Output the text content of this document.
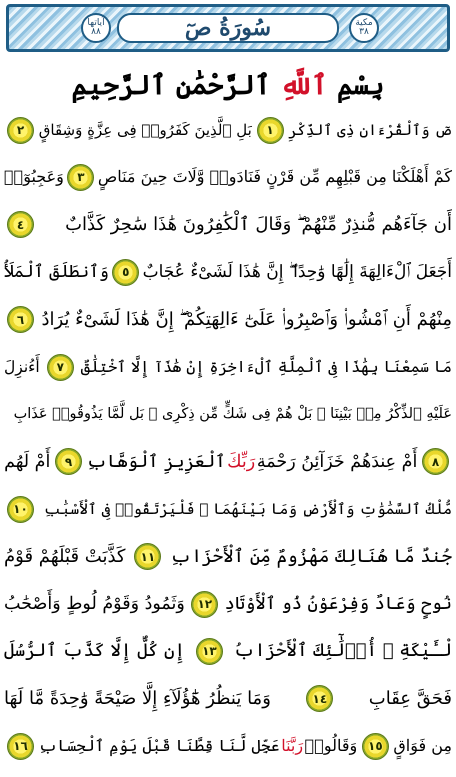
مكية ٣٨
سُورَةُ صٓ
آياتها ٨٨
بِسْمِ ٱللَّهِ ٱلرَّحْمَٰنِ ٱلرَّحِيمِ
صٓ وَٱلْقُرْءَانِ ذِى ٱلذِّكْرِ
١
بَلِ ٱلَّذِينَ كَفَرُوا۟ فِى عِزَّةٍ وَشِقَاقٍ
٢
كَمْ أَهْلَكْنَا مِن قَبْلِهِم مِّن قَرْنٍ فَنَادَوا۟ وَّلَاتَ حِينَ مَنَاصٍ
٣
وَعَجِبُوٓا۟
أَن جَآءَهُم مُّنذِرٌ مِّنْهُمْ ۖ وَقَالَ ٱلْكَٰفِرُونَ هَٰذَا سَٰحِرٌ كَذَّابٌ
٤
أَجَعَلَ ٱلْءَالِهَةَ إِلَٰهًا وَٰحِدًا ۖ إِنَّ هَٰذَا لَشَىْءٌ عُجَابٌ
٥
وَٱنطَلَقَ ٱلْمَلَأُ
مِنْهُمْ أَنِ ٱمْشُوا۟ وَٱصْبِرُوا۟ عَلَىٰٓ ءَالِهَتِكُمْ ۖ إِنَّ هَٰذَا لَشَىْءٌ يُرَادُ
٦
مَا سَمِعْنَا بِهَٰذَا فِى ٱلْمِلَّةِ ٱلْءَاخِرَةِ إِنْ هَٰذَآ إِلَّا ٱخْتِلَٰقٌ
٧
أَءُنزِلَ
عَلَيْهِ ٱلذِّكْرُ مِنۢ بَيْنِنَا ۚ بَلْ هُمْ فِى شَكٍّ مِّن ذِكْرِى ۖ بَل لَّمَّا يَذُوقُوا۟ عَذَابِ
٨
أَمْ عِندَهُمْ خَزَآئِنُ رَحْمَةِ
رَبِّكَ
ٱلْعَزِيزِ ٱلْوَهَّابِ
٩
أَمْ لَهُم
مُّلْكُ ٱلسَّمَٰوَٰتِ وَٱلْأَرْضِ وَمَا بَيْنَهُمَا ۖ فَلْيَرْتَقُوا۟ فِى ٱلْأَسْبَٰبِ
١٠
جُندٌ مَّا هُنَالِكَ مَهْزُومٌ مِّنَ ٱلْأَحْزَابِ
١١
كَذَّبَتْ قَبْلَهُمْ قَوْمُ
نُوحٍ وَعَادٌ وَفِرْعَوْنُ ذُو ٱلْأَوْتَادِ
١٢
وَثَمُودُ وَقَوْمُ لُوطٍ وَأَصْحَٰبُ
لْـَٔيْكَةِ ۚ أُو۟لَٰٓئِكَ ٱلْأَحْزَابُ
١٣
إِن كُلٌّ إِلَّا كَذَّبَ ٱلرُّسُلَ
فَحَقَّ عِقَابِ
١٤
وَمَا يَنظُرُ هَٰٓؤُلَآءِ إِلَّا صَيْحَةً وَٰحِدَةً مَّا لَهَا
مِن فَوَاقٍ
١٥
وَقَالُوا۟
رَبَّنَا
عَجِّل لَّنَا قِطَّنَا قَبْلَ يَوْمِ ٱلْحِسَابِ
١٦
